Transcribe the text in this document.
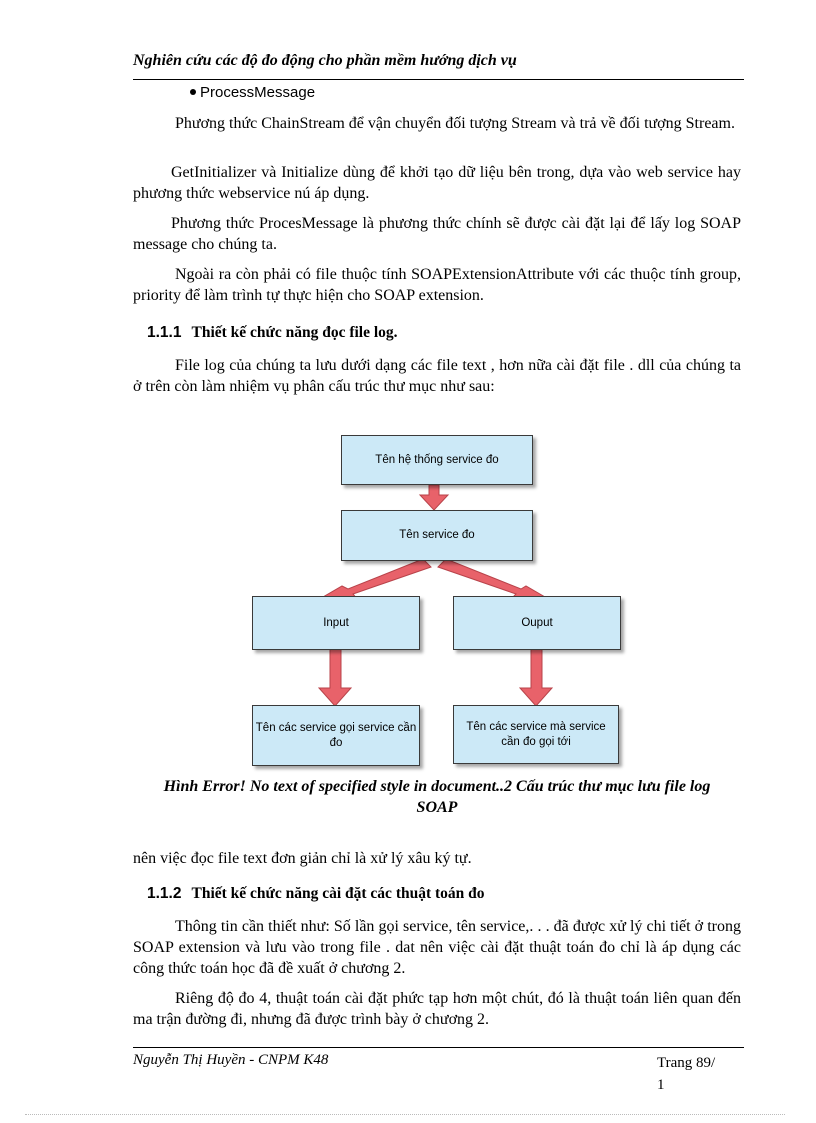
Nghiên cứu các độ đo động cho phần mềm hướng dịch vụ
ProcessMessage

Phương thức ChainStream để vận chuyển đối tượng Stream và trả về đối tượng Stream.

GetInitializer và Initialize dùng để khởi tạo dữ liệu bên trong, dựa vào web service hay phương thức webservice nú áp dụng.

Phương thức ProcesMessage là phương thức chính sẽ được cài đặt lại để lấy log SOAP message cho chúng ta.

Ngoài ra còn phải có file thuộc tính SOAPExtensionAttribute với các thuộc tính group, priority để làm trình tự thực hiện cho SOAP extension.

1.1.1 Thiết kế chức năng đọc file log.

File log của chúng ta lưu dưới dạng các file text , hơn nữa cài đặt file . dll của chúng ta ở trên còn làm nhiệm vụ phân cấu trúc thư mục như sau:

Tên hệ thống service đo
Tên service đo
Input	Ouput
Tên các service gọi service cần đo
Tên các service mà service cần đo gọi tới
Hình Error! No text of specified style in document..2 Cấu trúc thư mục lưu file log
SOAP

nên việc đọc file text đơn giản chỉ là xử lý xâu ký tự.

1.1.2 Thiết kế chức năng cài đặt các thuật toán đo

Thông tin cần thiết như: Số lần gọi service, tên service,. . . đã được xử lý chi tiết ở trong SOAP extension và lưu vào trong file . dat nên việc cài đặt thuật toán đo chỉ là áp dụng các công thức toán học đã đề xuất ở chương 2.

Riêng độ đo 4, thuật toán cài đặt phức tạp hơn một chút, đó là thuật toán liên quan đến ma trận đường đi, nhưng đã được trình bày ở chương 2.

Nguyễn Thị Huyền - CNPM K48	Trang 89/
1
